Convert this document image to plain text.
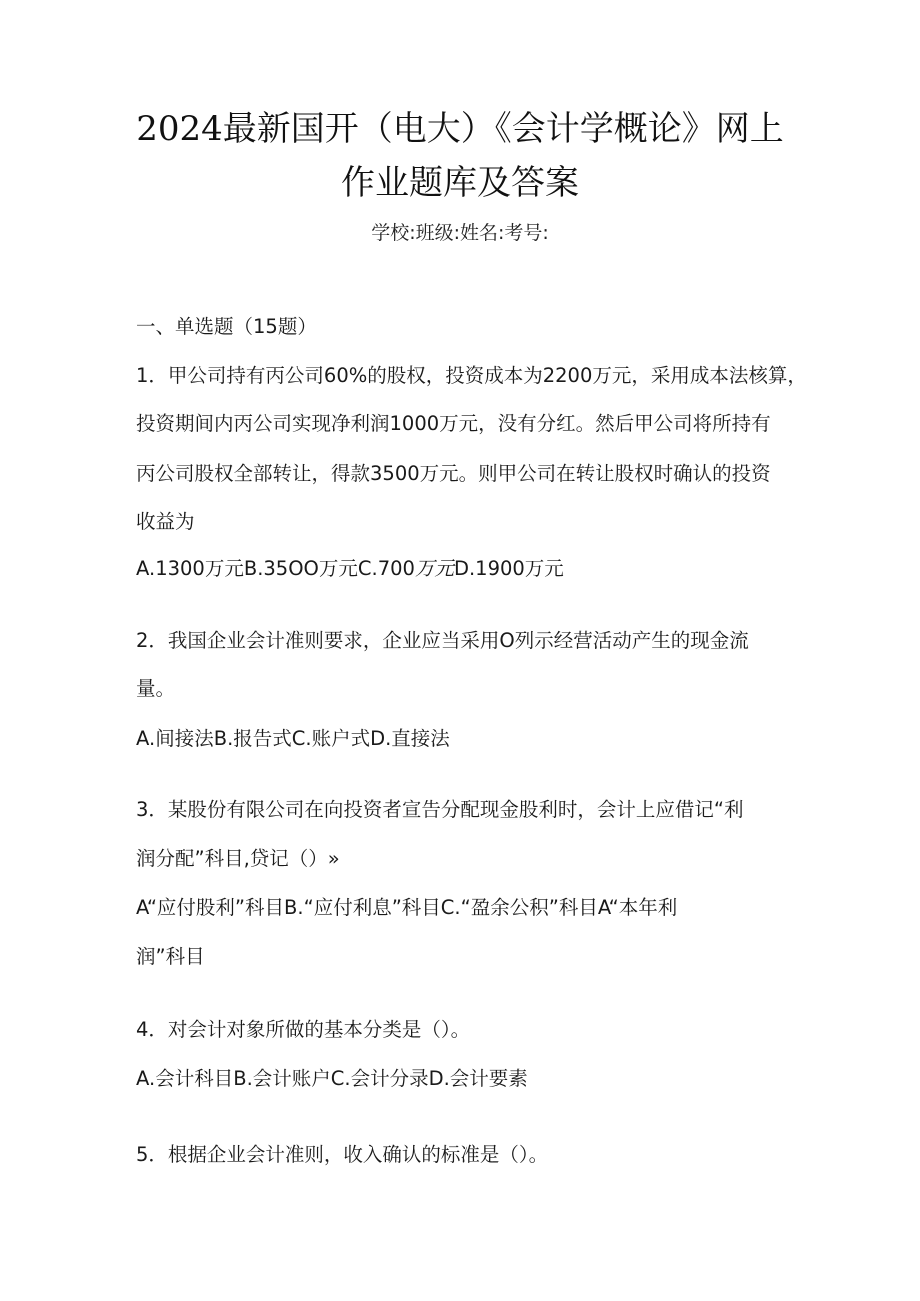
2024最新国开（电大）《会计学概论》网上
作业题库及答案
学校:班级:姓名:考号:
一、单选题（15题）
1．甲公司持有丙公司60%的股权，投资成本为2200万元，采用成本法核算，
投资期间内丙公司实现净利润1000万元，没有分红。然后甲公司将所持有
丙公司股权全部转让，得款3500万元。则甲公司在转让股权时确认的投资
收益为
A.1300万元B.35OO万元C.700万元D.1900万元
2．我国企业会计准则要求，企业应当采用O列示经营活动产生的现金流
量。
A.间接法B.报告式C.账户式D.直接法
3．某股份有限公司在向投资者宣告分配现金股利时，会计上应借记“利
润分配”科目,贷记（）»
A“应付股利”科目B.“应付利息”科目C.“盈余公积”科目A“本年利
润”科目
4．对会计对象所做的基本分类是（）。
A.会计科目B.会计账户C.会计分录D.会计要素
5．根据企业会计准则，收入确认的标准是（）。
